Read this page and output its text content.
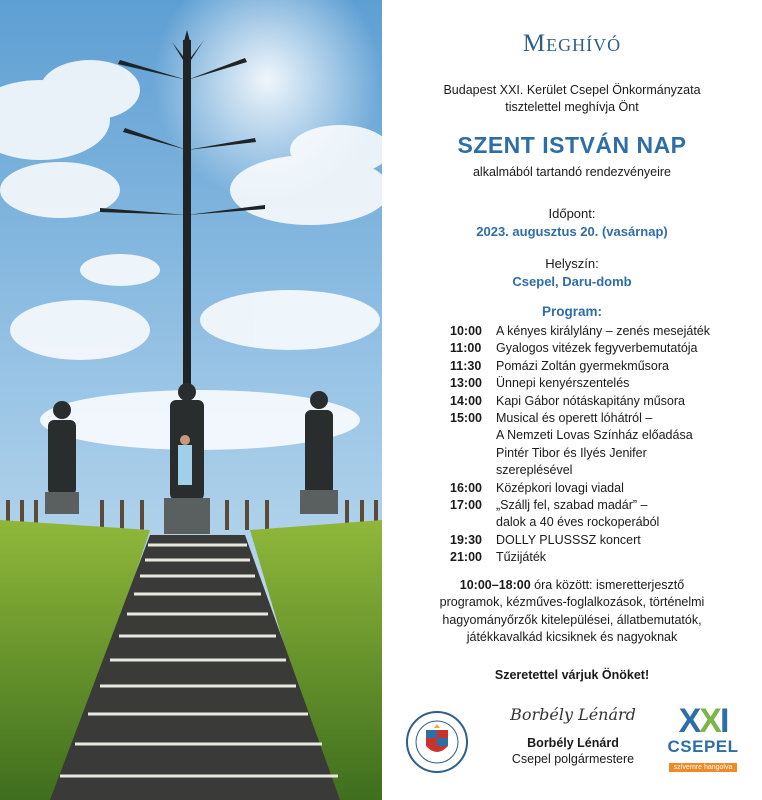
Meghívó
Budapest XXI. Kerület Csepel Önkormányzata
tisztelettel meghívja Önt
SZENT ISTVÁN NAP
alkalmából tartandó rendezvényeire
Időpont:
2023. augusztus 20. (vasárnap)
Helyszín:
Csepel, Daru-domb
Program:
10:00	A kényes királylány – zenés mesejáték
11:00	Gyalogos vitézek fegyverbemutatója
11:30	Pomázi Zoltán gyermekműsora
13:00	Ünnepi kenyérszentelés
14:00	Kapi Gábor nótáskapitány műsora
15:00	Musical és operett lóhátról –
A Nemzeti Lovas Színház előadása
Pintér Tibor és Ilyés Jenifer
szereplésével
16:00	Középkori lovagi viadal
17:00	„Szállj fel, szabad madár” –
dalok a 40 éves rockoperából
19:30	DOLLY PLUSSSZ koncert
21:00	Tűzijáték
10:00–18:00 óra között: ismeretterjesztő
programok, kézműves-foglalkozások, történelmi
hagyományőrzők kitelepülései, állatbemutatók,
játékkavalkád kicsiknek és nagyoknak
Szeretettel várjuk Önöket!
Borbély Lénárd
Borbély Lénárd
Csepel polgármestere
XXI
CSEPEL
szívemre hangolva
